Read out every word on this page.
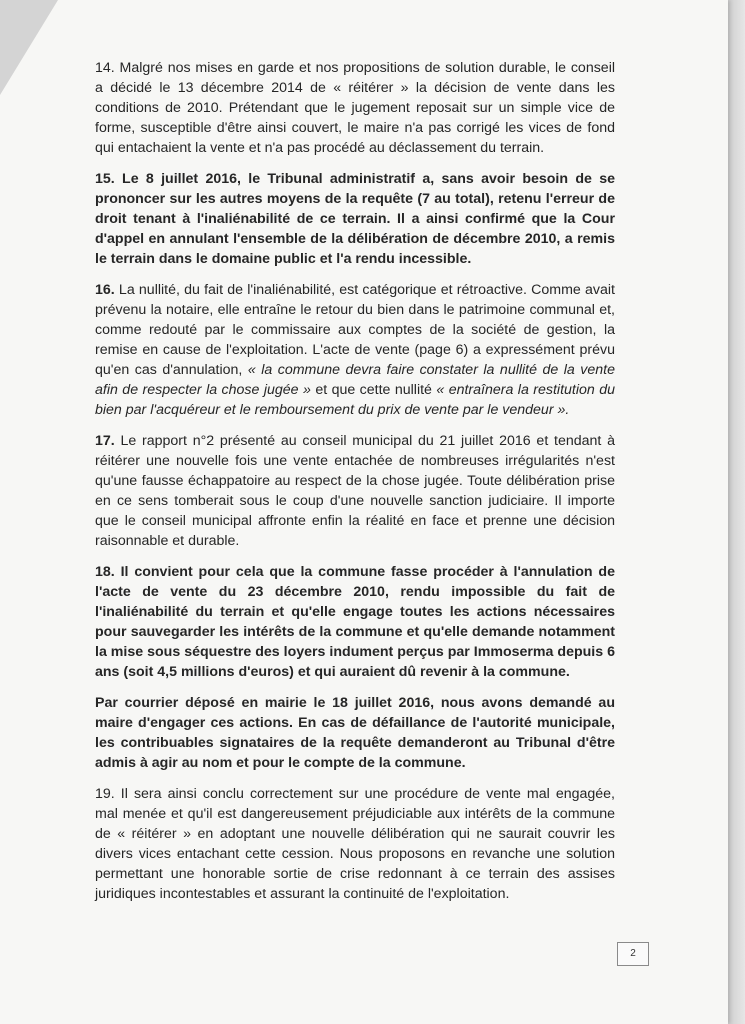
14. Malgré nos mises en garde et nos propositions de solution durable, le conseil a décidé le 13 décembre 2014 de « réitérer » la décision de vente dans les conditions de 2010. Prétendant que le jugement reposait sur un simple vice de forme, susceptible d'être ainsi couvert, le maire n'a pas corrigé les vices de fond qui entachaient la vente et n'a pas procédé au déclassement du terrain.

15. Le 8 juillet 2016, le Tribunal administratif a, sans avoir besoin de se prononcer sur les autres moyens de la requête (7 au total), retenu l'erreur de droit tenant à l'inaliénabilité de ce terrain. Il a ainsi confirmé que la Cour d'appel en annulant l'ensemble de la délibération de décembre 2010, a remis le terrain dans le domaine public et l'a rendu incessible.

16. La nullité, du fait de l'inaliénabilité, est catégorique et rétroactive. Comme avait prévenu la notaire, elle entraîne le retour du bien dans le patrimoine communal et, comme redouté par le commissaire aux comptes de la société de gestion, la remise en cause de l'exploitation. L'acte de vente (page 6) a expressément prévu qu'en cas d'annulation, « la commune devra faire constater la nullité de la vente afin de respecter la chose jugée » et que cette nullité « entraînera la restitution du bien par l'acquéreur et le remboursement du prix de vente par le vendeur ».

17. Le rapport n°2 présenté au conseil municipal du 21 juillet 2016 et tendant à réitérer une nouvelle fois une vente entachée de nombreuses irrégularités n'est qu'une fausse échappatoire au respect de la chose jugée. Toute délibération prise en ce sens tomberait sous le coup d'une nouvelle sanction judiciaire. Il importe que le conseil municipal affronte enfin la réalité en face et prenne une décision raisonnable et durable.

18. Il convient pour cela que la commune fasse procéder à l'annulation de l'acte de vente du 23 décembre 2010, rendu impossible du fait de l'inaliénabilité du terrain et qu'elle engage toutes les actions nécessaires pour sauvegarder les intérêts de la commune et qu'elle demande notamment la mise sous séquestre des loyers indument perçus par Immoserma depuis 6 ans (soit 4,5 millions d'euros) et qui auraient dû revenir à la commune.

Par courrier déposé en mairie le 18 juillet 2016, nous avons demandé au maire d'engager ces actions. En cas de défaillance de l'autorité municipale, les contribuables signataires de la requête demanderont au Tribunal d'être admis à agir au nom et pour le compte de la commune.

19. Il sera ainsi conclu correctement sur une procédure de vente mal engagée, mal menée et qu'il est dangereusement préjudiciable aux intérêts de la commune de « réitérer » en adoptant une nouvelle délibération qui ne saurait couvrir les divers vices entachant cette cession. Nous proposons en revanche une solution permettant une honorable sortie de crise redonnant à ce terrain des assises juridiques incontestables et assurant la continuité de l'exploitation.

2
